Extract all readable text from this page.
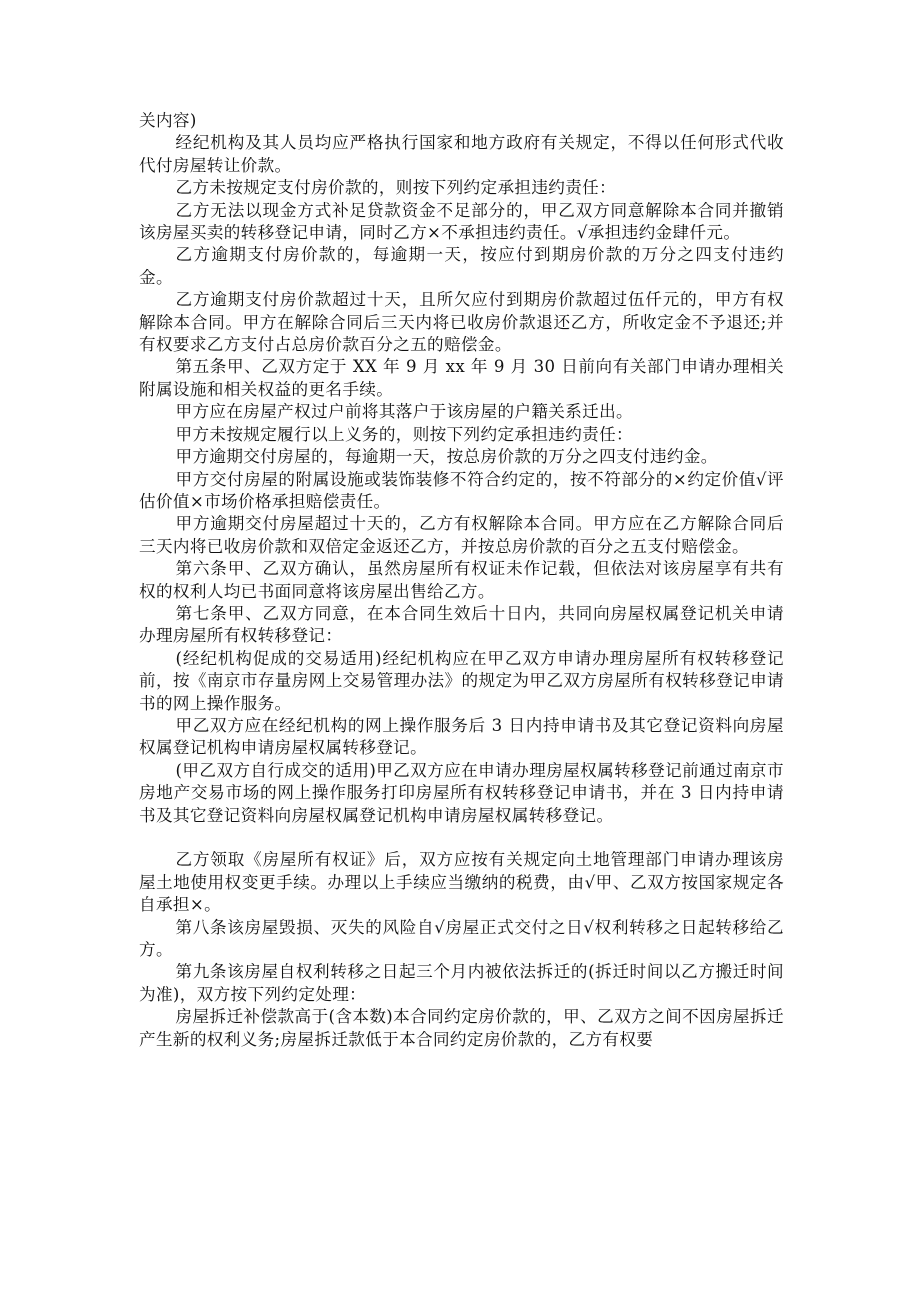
关内容)

经纪机构及其人员均应严格执行国家和地方政府有关规定，不得以任何形式代收代付房屋转让价款。

乙方未按规定支付房价款的，则按下列约定承担违约责任：

乙方无法以现金方式补足贷款资金不足部分的，甲乙双方同意解除本合同并撤销该房屋买卖的转移登记申请，同时乙方×不承担违约责任。√承担违约金肆仟元。

乙方逾期支付房价款的，每逾期一天，按应付到期房价款的万分之四支付违约金。

乙方逾期支付房价款超过十天，且所欠应付到期房价款超过伍仟元的，甲方有权解除本合同。甲方在解除合同后三天内将已收房价款退还乙方，所收定金不予退还;并有权要求乙方支付占总房价款百分之五的赔偿金。

第五条甲、乙双方定于 XX 年 9 月 xx 年 9 月 30 日前向有关部门申请办理相关附属设施和相关权益的更名手续。

甲方应在房屋产权过户前将其落户于该房屋的户籍关系迁出。

甲方未按规定履行以上义务的，则按下列约定承担违约责任：

甲方逾期交付房屋的，每逾期一天，按总房价款的万分之四支付违约金。

甲方交付房屋的附属设施或装饰装修不符合约定的，按不符部分的×约定价值√评估价值×市场价格承担赔偿责任。

甲方逾期交付房屋超过十天的，乙方有权解除本合同。甲方应在乙方解除合同后三天内将已收房价款和双倍定金返还乙方，并按总房价款的百分之五支付赔偿金。

第六条甲、乙双方确认，虽然房屋所有权证未作记载，但依法对该房屋享有共有权的权利人均已书面同意将该房屋出售给乙方。

第七条甲、乙双方同意，在本合同生效后十日内，共同向房屋权属登记机关申请办理房屋所有权转移登记：

(经纪机构促成的交易适用)经纪机构应在甲乙双方申请办理房屋所有权转移登记前，按《南京市存量房网上交易管理办法》的规定为甲乙双方房屋所有权转移登记申请书的网上操作服务。

甲乙双方应在经纪机构的网上操作服务后 3 日内持申请书及其它登记资料向房屋权属登记机构申请房屋权属转移登记。

(甲乙双方自行成交的适用)甲乙双方应在申请办理房屋权属转移登记前通过南京市房地产交易市场的网上操作服务打印房屋所有权转移登记申请书，并在 3 日内持申请书及其它登记资料向房屋权属登记机构申请房屋权属转移登记。

乙方领取《房屋所有权证》后，双方应按有关规定向土地管理部门申请办理该房屋土地使用权变更手续。办理以上手续应当缴纳的税费，由√甲、乙双方按国家规定各自承担×。

第八条该房屋毁损、灭失的风险自√房屋正式交付之日√权利转移之日起转移给乙方。

第九条该房屋自权利转移之日起三个月内被依法拆迁的(拆迁时间以乙方搬迁时间为准)，双方按下列约定处理：

房屋拆迁补偿款高于(含本数)本合同约定房价款的，甲、乙双方之间不因房屋拆迁产生新的权利义务;房屋拆迁款低于本合同约定房价款的，乙方有权要
